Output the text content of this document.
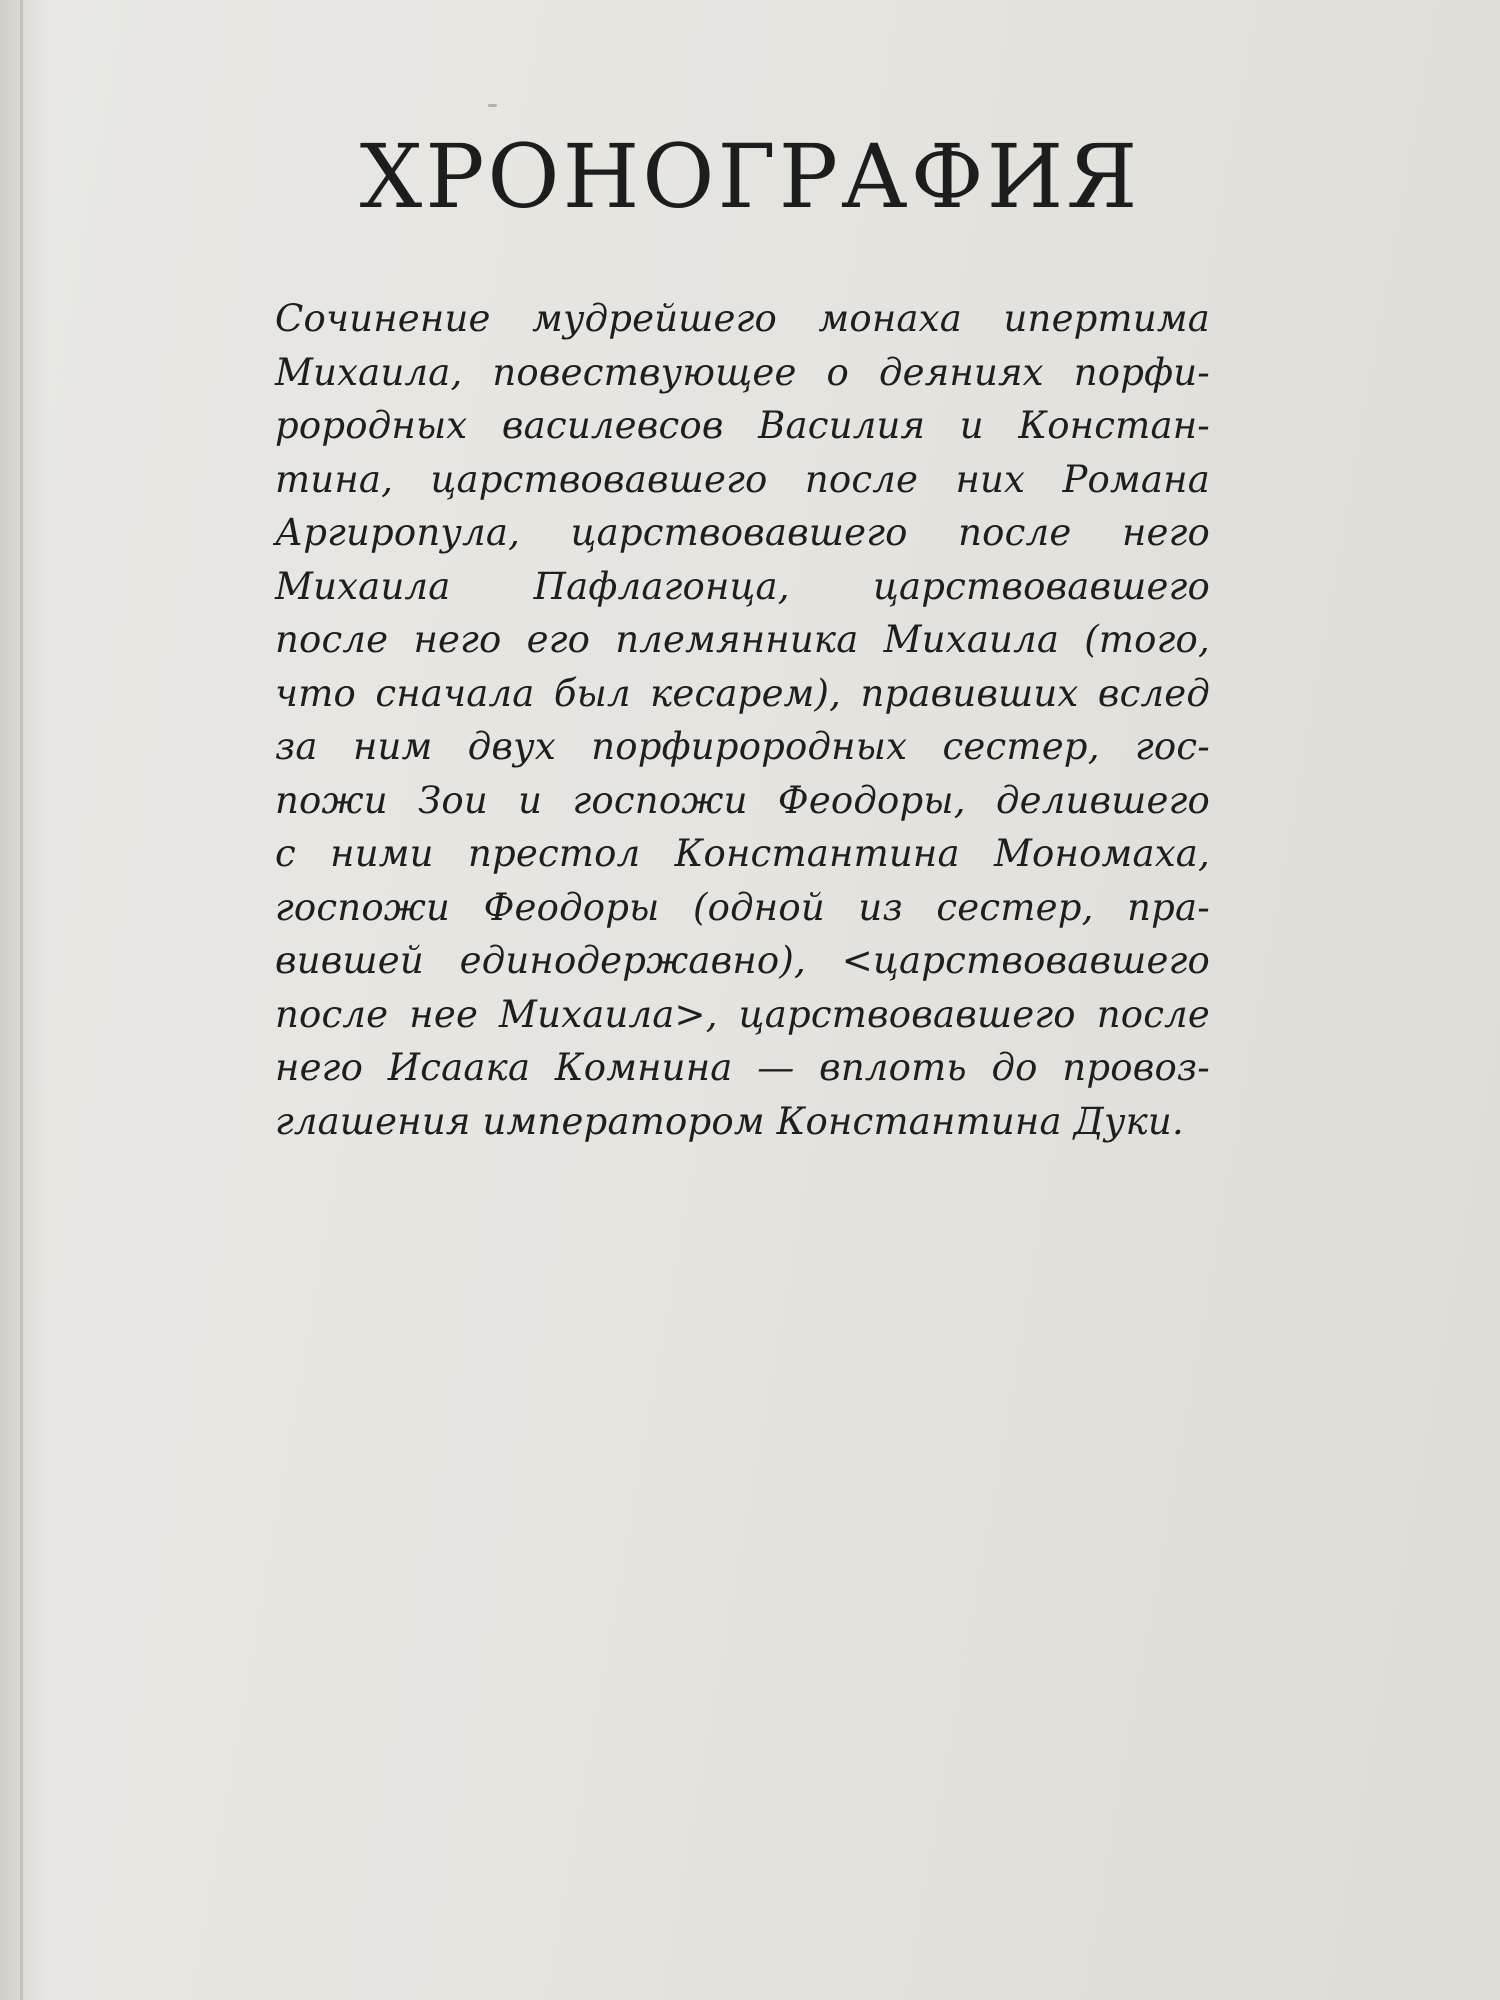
ХРОНОГРАФИЯ
Сочинение мудрейшего монаха ипертима
Михаила, повествующее о деяниях порфи-
рородных василевсов Василия и Констан-
тина, царствовавшего после них Романа
Аргиропула, царствовавшего после него
Михаила Пафлагонца, царствовавшего
после него его племянника Михаила (того,
что сначала был кесарем), правивших вслед
за ним двух порфирородных сестер, гос-
пожи Зои и госпожи Феодоры, делившего
с ними престол Константина Мономаха,
госпожи Феодоры (одной из сестер, пра-
вившей единодержавно), <царствовавшего
после нее Михаила>, царствовавшего после
него Исаака Комнина — вплоть до провоз-
глашения императором Константина Дуки.
